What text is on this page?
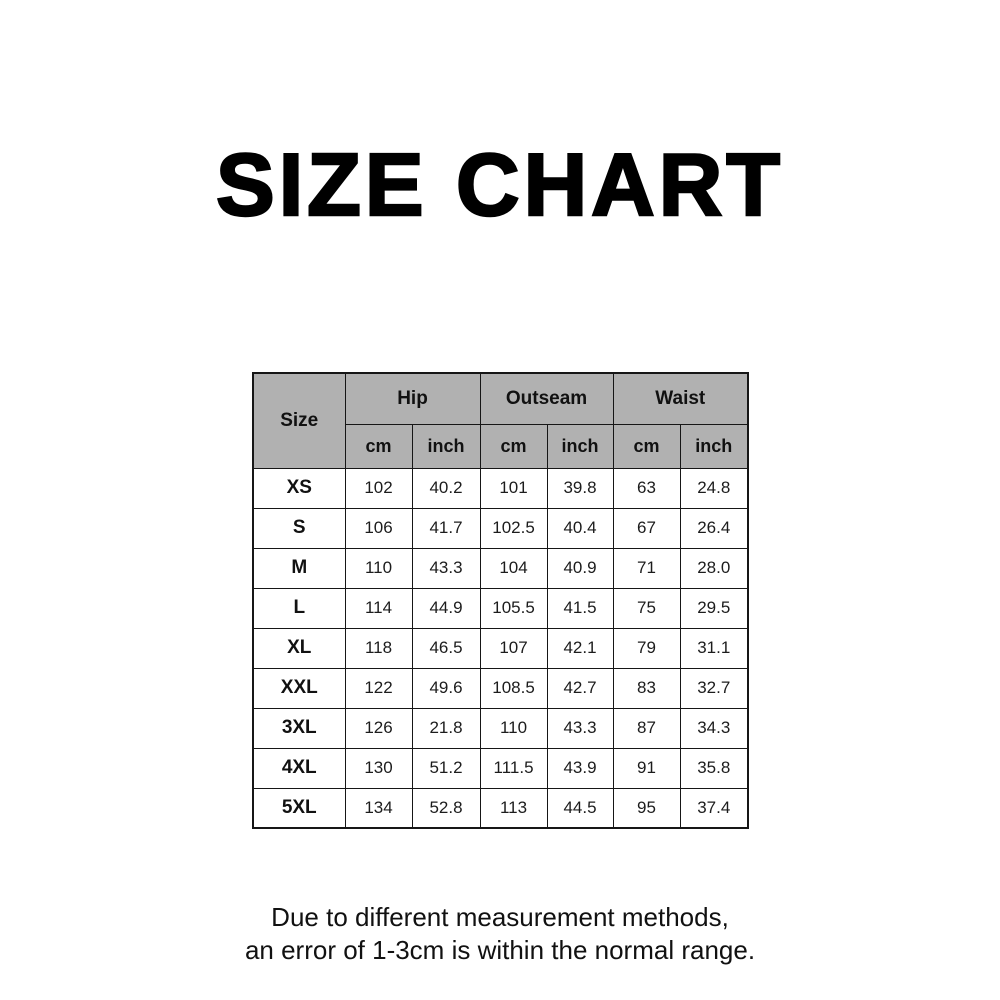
SIZE CHART
Size	Hip		Outseam		Waist	
	cm	inch	cm	inch	cm	inch
XS	102	40.2	101	39.8	63	24.8
S	106	41.7	102.5	40.4	67	26.4
M	110	43.3	104	40.9	71	28.0
L	114	44.9	105.5	41.5	75	29.5
XL	118	46.5	107	42.1	79	31.1
XXL	122	49.6	108.5	42.7	83	32.7
3XL	126	21.8	110	43.3	87	34.3
4XL	130	51.2	111.5	43.9	91	35.8
5XL	134	52.8	113	44.5	95	37.4
Due to different measurement methods,
an error of 1-3cm is within the normal range.
